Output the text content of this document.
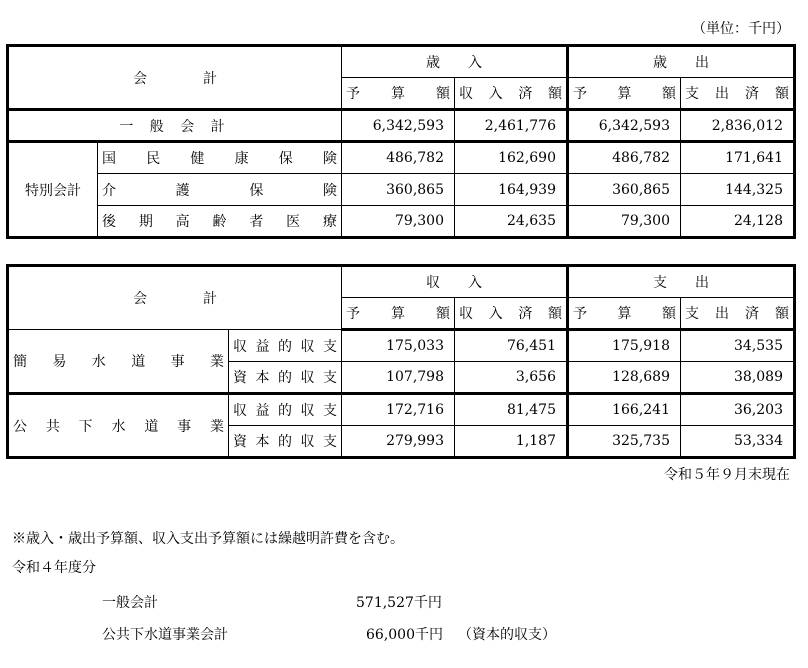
（単位：千円）
会　　　　計		歳　　入		歳　　出	
		予　算　額	収 入 済 額	予　算　額	支 出 済 額
一 般 会 計		6,342,593	2,461,776	6,342,593	2,836,012
特別会計	国民健康保険	486,782	162,690	486,782	171,641
	介護保険	360,865	164,939	360,865	144,325
	後期高齢者医療	79,300	24,635	79,300	24,128
会　　　　計		収　　入		支　　出	
		予　算　額	収 入 済 額	予　算　額	支 出 済 額
簡易水道事業	収益的収支	175,033	76,451	175,918	34,535
	資本的収支	107,798	3,656	128,689	38,089
公共下水道事業	収益的収支	172,716	81,475	166,241	36,203
	資本的収支	279,993	1,187	325,735	53,334
令和５年９月末現在
※歳入・歳出予算額、収入支出予算額には繰越明許費を含む。
令和４年度分
一般会計	571,527千円
公共下水道事業会計	66,000千円 （資本的収支）
